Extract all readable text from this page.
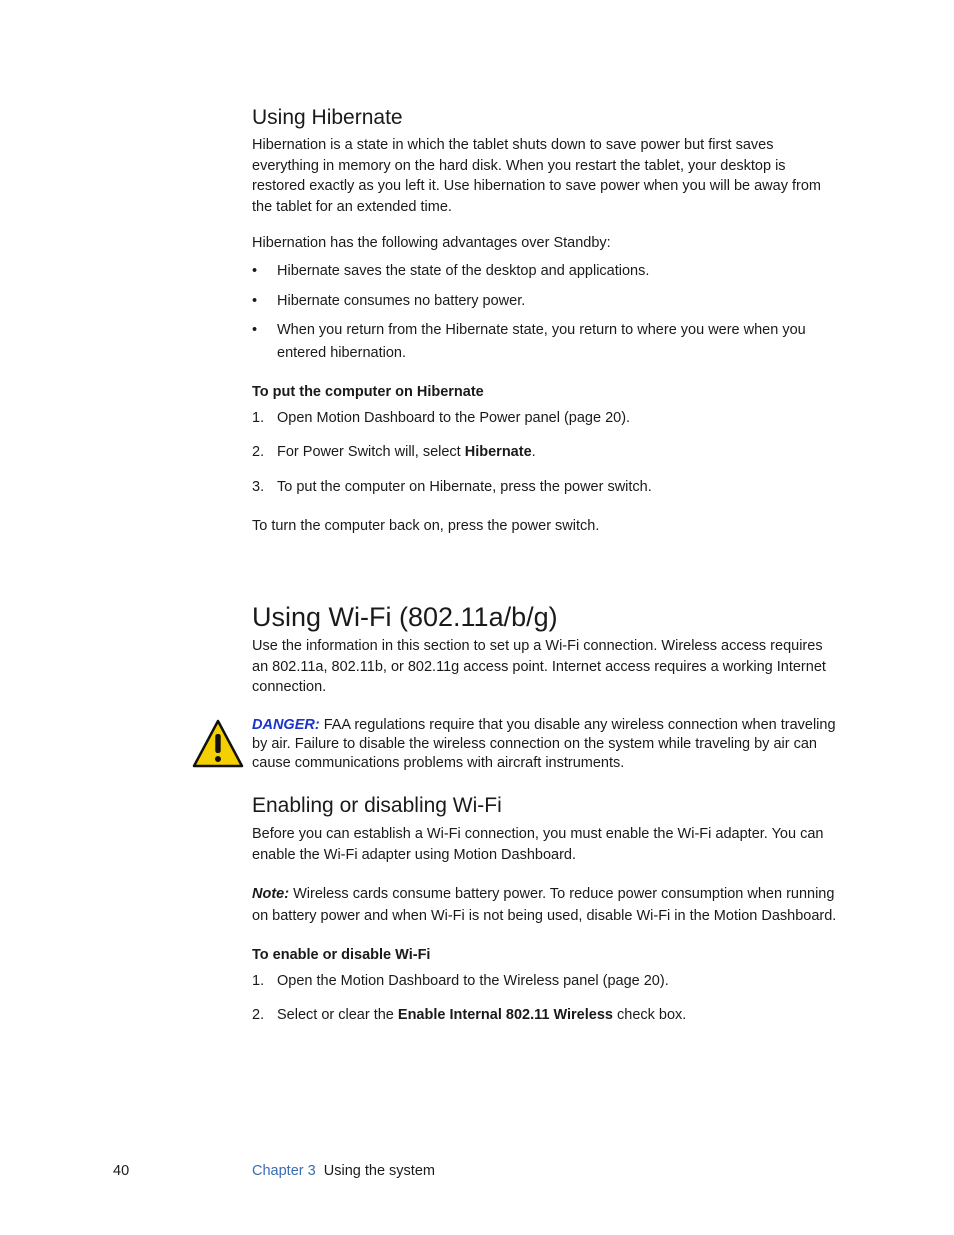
Using Hibernate
Hibernation is a state in which the tablet shuts down to save power but first saves everything in memory on the hard disk. When you restart the tablet, your desktop is restored exactly as you left it. Use hibernation to save power when you will be away from the tablet for an extended time.
Hibernation has the following advantages over Standby:
• Hibernate saves the state of the desktop and applications.
• Hibernate consumes no battery power.
• When you return from the Hibernate state, you return to where you were when you entered hibernation.
To put the computer on Hibernate
1. Open Motion Dashboard to the Power panel (page 20).
2. For Power Switch will, select Hibernate.
3. To put the computer on Hibernate, press the power switch.
To turn the computer back on, press the power switch.
Using Wi-Fi (802.11a/b/g)
Use the information in this section to set up a Wi-Fi connection. Wireless access requires an 802.11a, 802.11b, or 802.11g access point. Internet access requires a working Internet connection.
DANGER: FAA regulations require that you disable any wireless connection when traveling by air. Failure to disable the wireless connection on the system while traveling by air can cause communications problems with aircraft instruments.
Enabling or disabling Wi-Fi
Before you can establish a Wi-Fi connection, you must enable the Wi-Fi adapter. You can enable the Wi-Fi adapter using Motion Dashboard.
Note: Wireless cards consume battery power. To reduce power consumption when running on battery power and when Wi-Fi is not being used, disable Wi-Fi in the Motion Dashboard.
To enable or disable Wi-Fi
1. Open the Motion Dashboard to the Wireless panel (page 20).
2. Select or clear the Enable Internal 802.11 Wireless check box.
40	Chapter 3 Using the system
